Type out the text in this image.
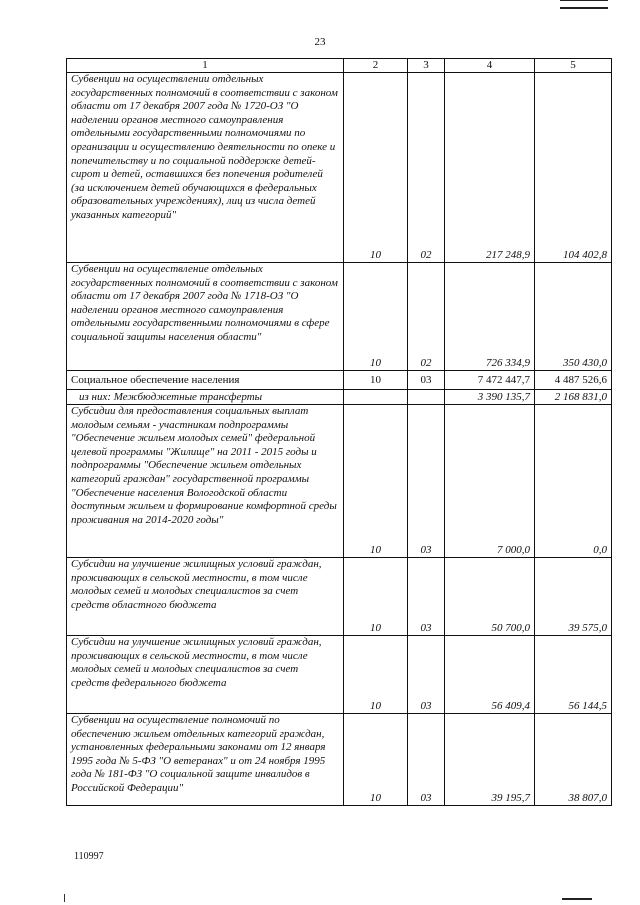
23
1	2	3	4	5
Субвенции на осуществлении отдельных государственных полномочий в соответствии с законом области от 17 декабря 2007 года № 1720-ОЗ "О наделении органов местного самоуправления отдельными государственными полномочиями по организации и осуществлению деятельности по опеке и попечительству и по социальной поддержке детей-сирот и детей, оставшихся без попечения родителей (за исключением детей обучающихся в федеральных образовательных учреждениях), лиц из числа детей указанных категорий"	10	02	217 248,9	104 402,8
Субвенции на осуществление отдельных государственных полномочий в соответствии с законом области от 17 декабря 2007 года № 1718-ОЗ "О наделении органов местного самоуправления отдельными государственными полномочиями в сфере социальной защиты населения области"	10	02	726 334,9	350 430,0
Социальное обеспечение населения	10	03	7 472 447,7	4 487 526,6
из них: Межбюджетные трансферты			3 390 135,7	2 168 831,0
Субсидии для предоставления социальных выплат молодым семьям - участникам подпрограммы "Обеспечение жильем молодых семей" федеральной целевой программы "Жилище" на 2011 - 2015 годы и подпрограммы "Обеспечение жильем отдельных категорий граждан" государственной программы "Обеспечение населения Вологодской области доступным жильем и формирование комфортной среды проживания на 2014-2020 годы"	10	03	7 000,0	0,0
Субсидии на улучшение жилищных условий граждан, проживающих в сельской местности, в том числе молодых семей и молодых специалистов за счет средств областного бюджета	10	03	50 700,0	39 575,0
Субсидии на улучшение жилищных условий граждан, проживающих в сельской местности, в том числе молодых семей и молодых специалистов за счет средств федерального бюджета	10	03	56 409,4	56 144,5
Субвенции на осуществление полномочий по обеспечению жильем отдельных категорий граждан, установленных федеральными законами от 12 января 1995 года № 5-ФЗ "О ветеранах" и от 24 ноября 1995 года № 181-ФЗ "О социальной защите инвалидов в Российской Федерации"	10	03	39 195,7	38 807,0
110997
